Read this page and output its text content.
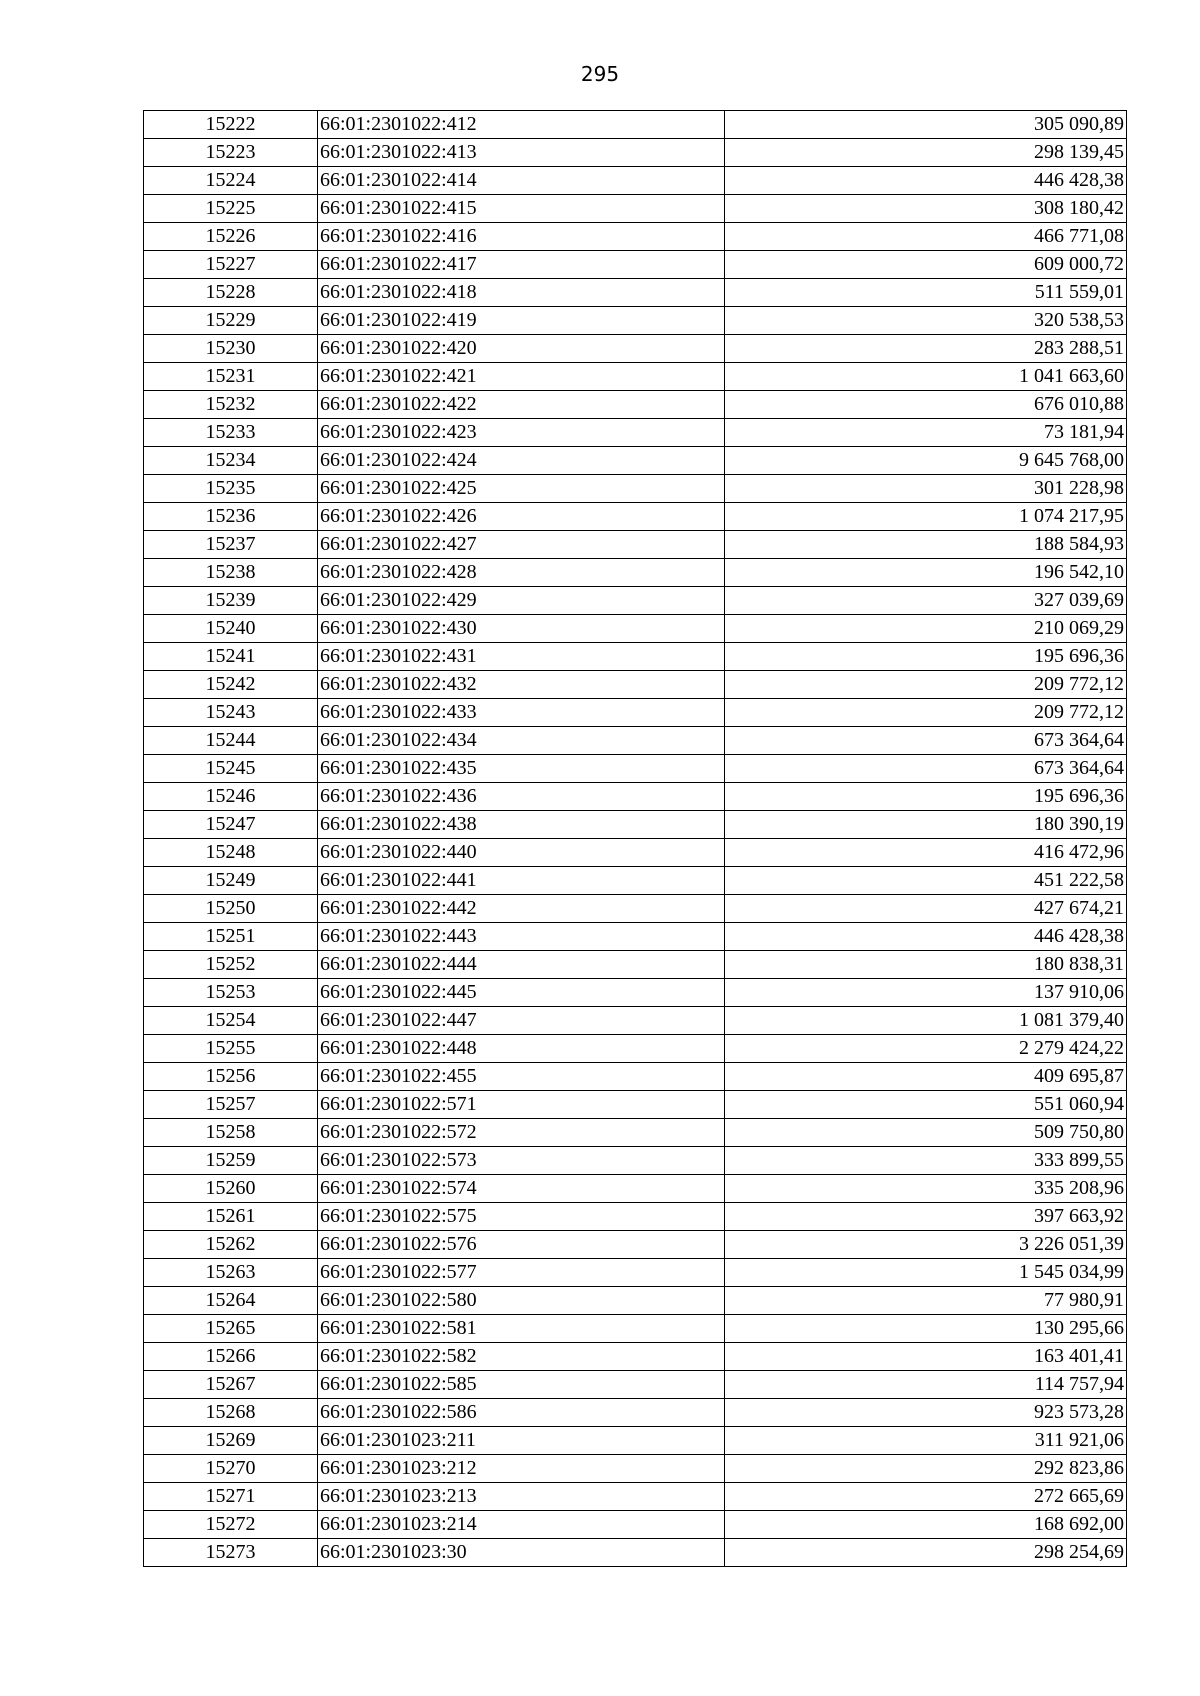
295
15222	66:01:2301022:412	305 090,89
15223	66:01:2301022:413	298 139,45
15224	66:01:2301022:414	446 428,38
15225	66:01:2301022:415	308 180,42
15226	66:01:2301022:416	466 771,08
15227	66:01:2301022:417	609 000,72
15228	66:01:2301022:418	511 559,01
15229	66:01:2301022:419	320 538,53
15230	66:01:2301022:420	283 288,51
15231	66:01:2301022:421	1 041 663,60
15232	66:01:2301022:422	676 010,88
15233	66:01:2301022:423	73 181,94
15234	66:01:2301022:424	9 645 768,00
15235	66:01:2301022:425	301 228,98
15236	66:01:2301022:426	1 074 217,95
15237	66:01:2301022:427	188 584,93
15238	66:01:2301022:428	196 542,10
15239	66:01:2301022:429	327 039,69
15240	66:01:2301022:430	210 069,29
15241	66:01:2301022:431	195 696,36
15242	66:01:2301022:432	209 772,12
15243	66:01:2301022:433	209 772,12
15244	66:01:2301022:434	673 364,64
15245	66:01:2301022:435	673 364,64
15246	66:01:2301022:436	195 696,36
15247	66:01:2301022:438	180 390,19
15248	66:01:2301022:440	416 472,96
15249	66:01:2301022:441	451 222,58
15250	66:01:2301022:442	427 674,21
15251	66:01:2301022:443	446 428,38
15252	66:01:2301022:444	180 838,31
15253	66:01:2301022:445	137 910,06
15254	66:01:2301022:447	1 081 379,40
15255	66:01:2301022:448	2 279 424,22
15256	66:01:2301022:455	409 695,87
15257	66:01:2301022:571	551 060,94
15258	66:01:2301022:572	509 750,80
15259	66:01:2301022:573	333 899,55
15260	66:01:2301022:574	335 208,96
15261	66:01:2301022:575	397 663,92
15262	66:01:2301022:576	3 226 051,39
15263	66:01:2301022:577	1 545 034,99
15264	66:01:2301022:580	77 980,91
15265	66:01:2301022:581	130 295,66
15266	66:01:2301022:582	163 401,41
15267	66:01:2301022:585	114 757,94
15268	66:01:2301022:586	923 573,28
15269	66:01:2301023:211	311 921,06
15270	66:01:2301023:212	292 823,86
15271	66:01:2301023:213	272 665,69
15272	66:01:2301023:214	168 692,00
15273	66:01:2301023:30	298 254,69
